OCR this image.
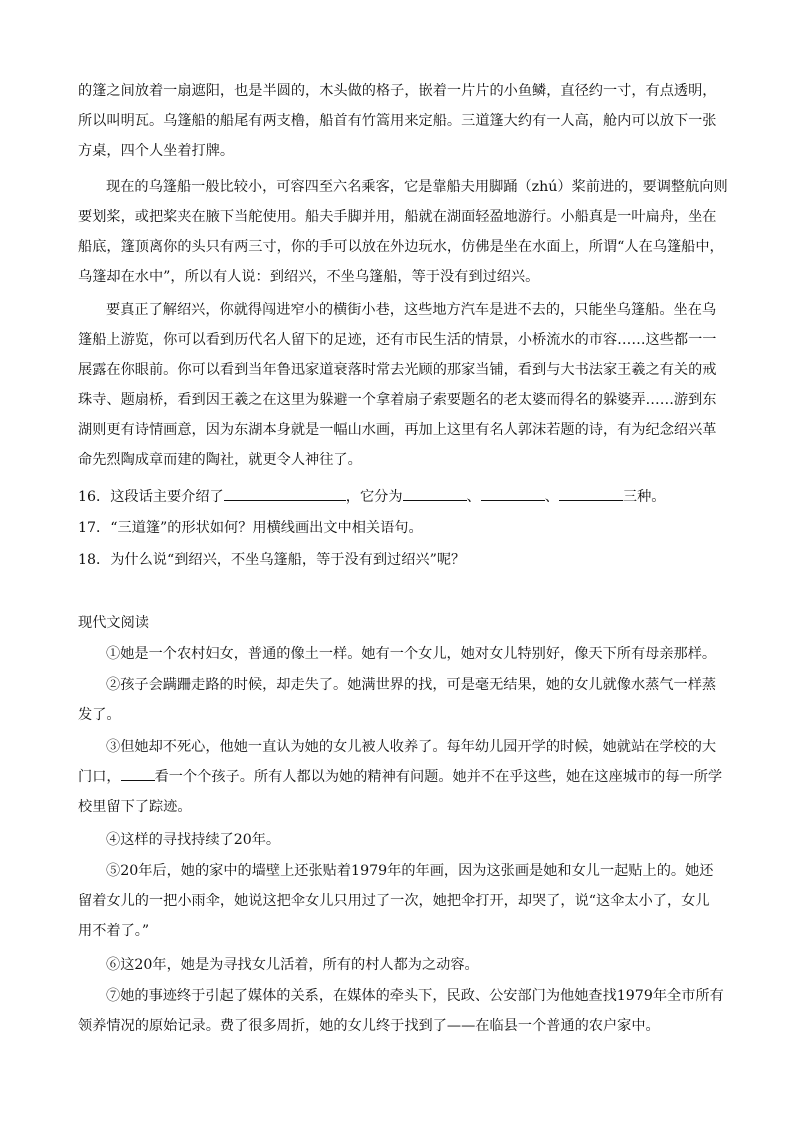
的篷之间放着一扇遮阳，也是半圆的，木头做的格子，嵌着一片片的小鱼鳞，直径约一寸，有点透明，
所以叫明瓦。乌篷船的船尾有两支橹，船首有竹篙用来定船。三道篷大约有一人高，舱内可以放下一张
方桌，四个人坐着打牌。
现在的乌篷船一般比较小，可容四至六名乘客，它是靠船夫用脚踊（zhú）桨前进的，要调整航向则
要划桨，或把桨夹在腋下当舵使用。船夫手脚并用，船就在湖面轻盈地游行。小船真是一叶扁舟，坐在
船底，篷顶离你的头只有两三寸，你的手可以放在外边玩水，仿佛是坐在水面上，所谓“人在乌篷船中，
乌篷却在水中”，所以有人说：到绍兴，不坐乌篷船，等于没有到过绍兴。
要真正了解绍兴，你就得闯进窄小的横街小巷，这些地方汽车是进不去的，只能坐乌篷船。坐在乌
篷船上游览，你可以看到历代名人留下的足迹，还有市民生活的情景，小桥流水的市容……这些都一一
展露在你眼前。你可以看到当年鲁迅家道衰落时常去光顾的那家当铺，看到与大书法家王羲之有关的戒
珠寺、题扇桥，看到因王羲之在这里为躲避一个拿着扇子索要题名的老太婆而得名的躲婆弄……游到东
湖则更有诗情画意，因为东湖本身就是一幅山水画，再加上这里有名人郭沫若题的诗，有为纪念绍兴革
命先烈陶成章而建的陶社，就更令人神往了。
16．这段话主要介绍了	，它分为	、	、	三种。
17．“三道篷”的形状如何？用横线画出文中相关语句。
18．为什么说“到绍兴，不坐乌篷船，等于没有到过绍兴”呢？
现代文阅读
①她是一个农村妇女，普通的像土一样。她有一个女儿，她对女儿特别好，像天下所有母亲那样。
②孩子会蹒跚走路的时候，却走失了。她满世界的找，可是毫无结果，她的女儿就像水蒸气一样蒸
发了。
③但她却不死心，他她一直认为她的女儿被人收养了。每年幼儿园开学的时候，她就站在学校的大
门口， 看一个个孩子。所有人都以为她的精神有问题。她并不在乎这些，她在这座城市的每一所学
校里留下了踪迹。
④这样的寻找持续了20年。
⑤20年后，她的家中的墙壁上还张贴着1979年的年画，因为这张画是她和女儿一起贴上的。她还
留着女儿的一把小雨伞，她说这把伞女儿只用过了一次，她把伞打开，却哭了，说“这伞太小了，女儿
用不着了。”
⑥这20年，她是为寻找女儿活着，所有的村人都为之动容。
⑦她的事迹终于引起了媒体的关系，在媒体的牵头下，民政、公安部门为他她查找1979年全市所有
领养情况的原始记录。费了很多周折，她的女儿终于找到了——在临县一个普通的农户家中。
